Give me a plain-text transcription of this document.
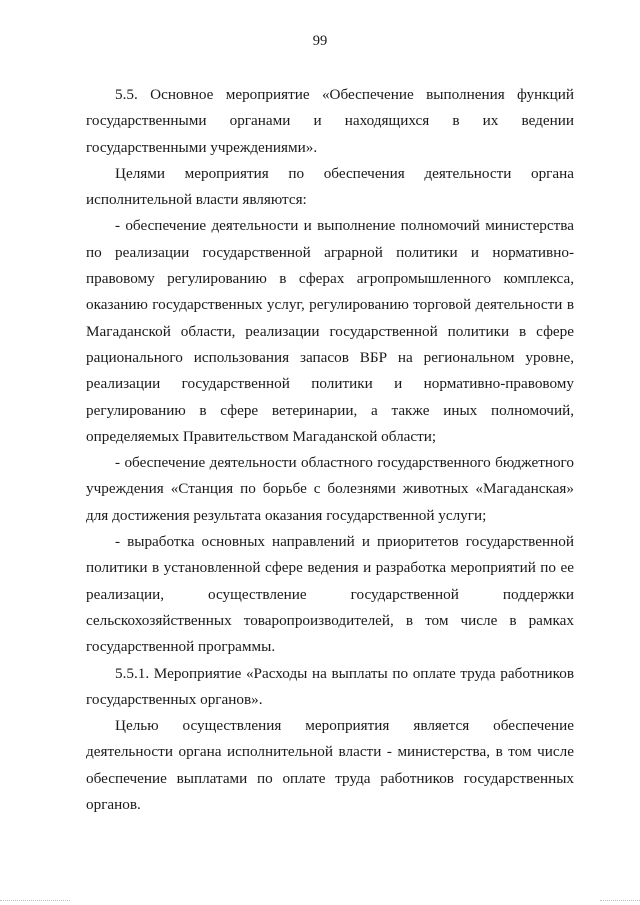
99

5.5. Основное мероприятие «Обеспечение выполнения функций государственными органами и находящихся в их ведении государственными учреждениями».

Целями мероприятия по обеспечения деятельности органа исполнительной власти являются:

- обеспечение деятельности и выполнение полномочий министерства по реализации государственной аграрной политики и нормативно-правовому регулированию в сферах агропромышленного комплекса, оказанию государственных услуг, регулированию торговой деятельности в Магаданской области, реализации государственной политики в сфере рационального использования запасов ВБР на региональном уровне, реализации государственной политики и нормативно-правовому регулированию в сфере ветеринарии, а также иных полномочий, определяемых Правительством Магаданской области;

- обеспечение деятельности областного государственного бюджетного учреждения «Станция по борьбе с болезнями животных «Магаданская» для достижения результата оказания государственной услуги;

- выработка основных направлений и приоритетов государственной политики в установленной сфере ведения и разработка мероприятий по ее реализации, осуществление государственной поддержки сельскохозяйственных товаропроизводителей, в том числе в рамках государственной программы.

5.5.1. Мероприятие «Расходы на выплаты по оплате труда работников государственных органов».

Целью осуществления мероприятия является обеспечение деятельности органа исполнительной власти - министерства, в том числе обеспечение выплатами по оплате труда работников государственных органов.
